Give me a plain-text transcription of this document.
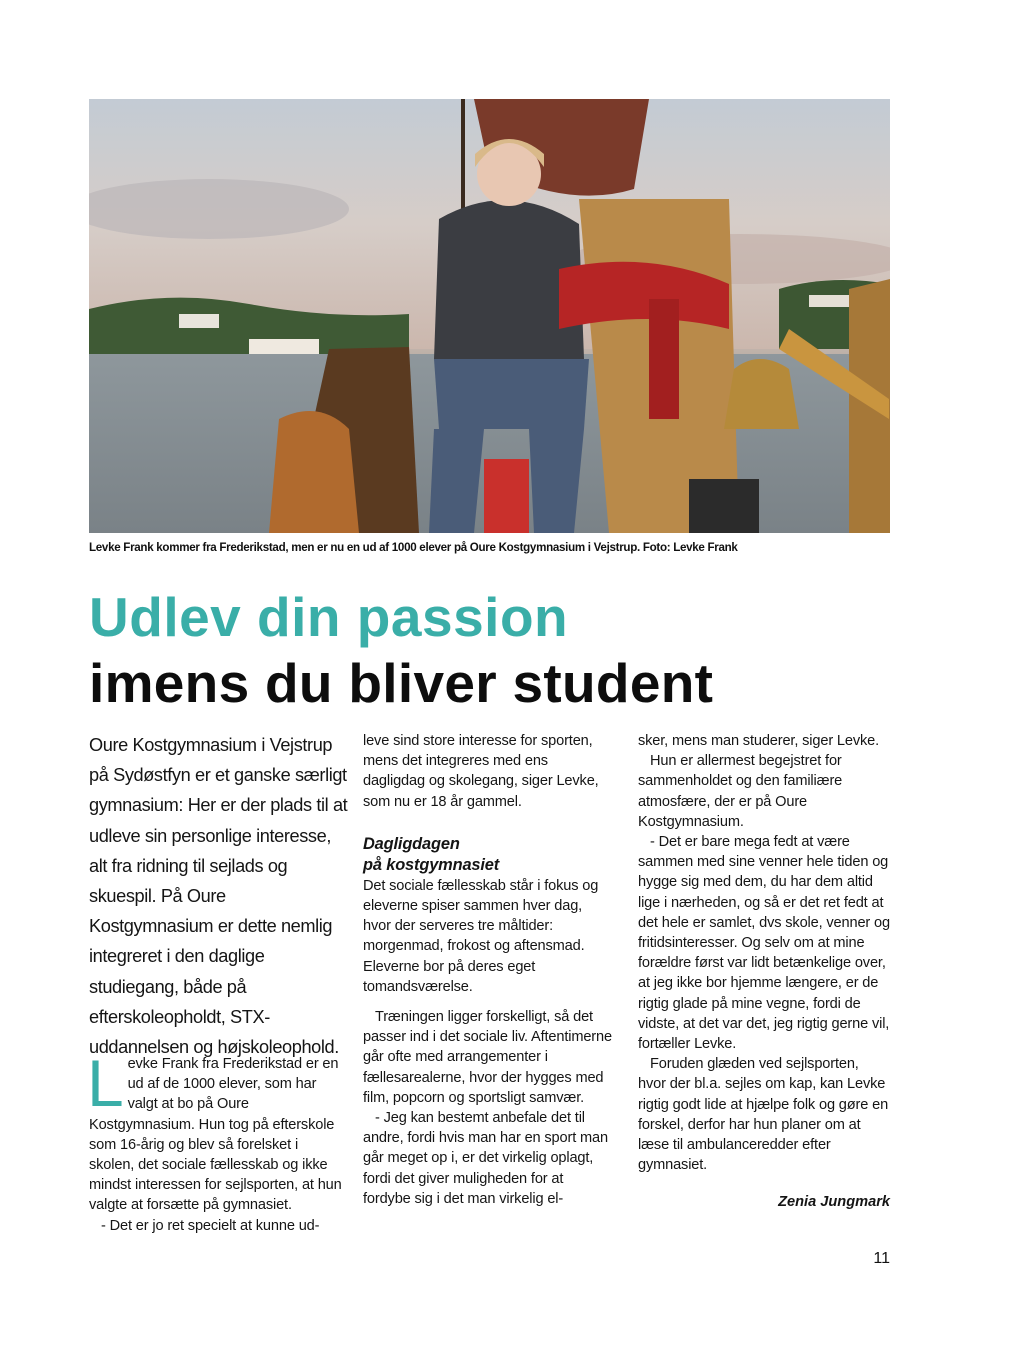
Levke Frank kommer fra Frederikstad, men er nu en ud af 1000 elever på Oure Kostgymnasium i Vejstrup. Foto: Levke Frank
Udlev din passion
imens du bliver student

Oure Kostgymnasium i Vejstrup på Sydøstfyn er et ganske særligt gymnasium: Her er der plads til at udleve sin personlige interesse, alt fra ridning til sejlads og skuespil. På Oure Kostgymnasium er dette nemlig integreret i den daglige studiegang, både på efterskoleopholdt, STX-uddannelsen og højskoleophold.

Levke Frank fra Frederikstad er en ud af de 1000 elever, som har valgt at bo på Oure Kostgymnasium. Hun tog på efterskole som 16-årig og blev så forelsket i skolen, det sociale fællesskab og ikke mindst interessen for sejlsporten, at hun valgte at forsætte på gymnasiet.

- Det er jo ret specielt at kunne ud-

leve sind store interesse for sporten, mens det integreres med ens dagligdag og skolegang, siger Levke, som nu er 18 år gammel.

Dagligdagen
på kostgymnasiet

Det sociale fællesskab står i fokus og eleverne spiser sammen hver dag, hvor der serveres tre måltider: morgenmad, frokost og aftensmad. Eleverne bor på deres eget tomandsværelse.

Træningen ligger forskelligt, så det passer ind i det sociale liv. Aftentimerne går ofte med arrangementer i fællesarealerne, hvor der hygges med film, popcorn og sportsligt samvær.

- Jeg kan bestemt anbefale det til andre, fordi hvis man har en sport man går meget op i, er det virkelig oplagt, fordi det giver muligheden for at fordybe sig i det man virkelig el-

sker, mens man studerer, siger Levke.

Hun er allermest begejstret for sammenholdet og den familiære atmosfære, der er på Oure Kostgymnasium.

- Det er bare mega fedt at være sammen med sine venner hele tiden og hygge sig med dem, du har dem altid lige i nærheden, og så er det ret fedt at det hele er samlet, dvs skole, venner og fritidsinteresser. Og selv om at mine forældre først var lidt betænkelige over, at jeg ikke bor hjemme længere, er de rigtig glade på mine vegne, fordi de vidste, at det var det, jeg rigtig gerne vil, fortæller Levke.

Foruden glæden ved sejlsporten, hvor der bl.a. sejles om kap, kan Levke rigtig godt lide at hjælpe folk og gøre en forskel, derfor har hun planer om at læse til ambulanceredder efter gymnasiet.

Zenia Jungmark
11
